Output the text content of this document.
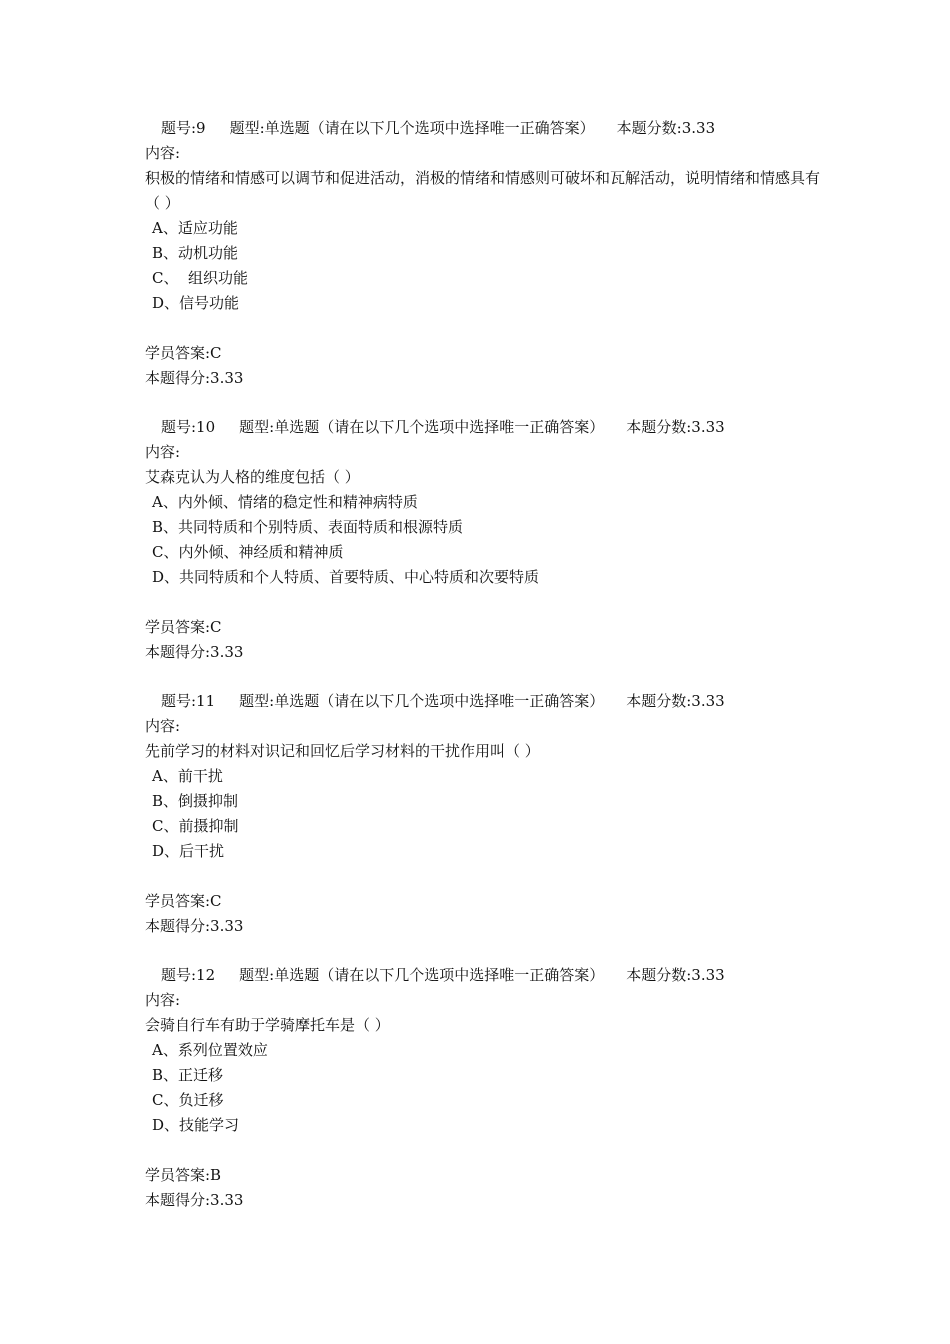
题号:9 题型:单选题（请在以下几个选项中选择唯一正确答案） 本题分数:3.33
内容:
积极的情绪和情感可以调节和促进活动，消极的情绪和情感则可破坏和瓦解活动，说明情绪和情感具有（ ）
A、适应功能
B、动机功能
C、  组织功能
D、信号功能
学员答案:C
本题得分:3.33
题号:10 题型:单选题（请在以下几个选项中选择唯一正确答案） 本题分数:3.33
内容:
艾森克认为人格的维度包括（ ）
A、内外倾、情绪的稳定性和精神病特质
B、共同特质和个别特质、表面特质和根源特质
C、内外倾、神经质和精神质
D、共同特质和个人特质、首要特质、中心特质和次要特质
学员答案:C
本题得分:3.33
题号:11 题型:单选题（请在以下几个选项中选择唯一正确答案） 本题分数:3.33
内容:
先前学习的材料对识记和回忆后学习材料的干扰作用叫（ ）
A、前干扰
B、倒摄抑制
C、前摄抑制
D、后干扰
学员答案:C
本题得分:3.33
题号:12 题型:单选题（请在以下几个选项中选择唯一正确答案） 本题分数:3.33
内容:
会骑自行车有助于学骑摩托车是（ ）
A、系列位置效应
B、正迁移
C、负迁移
D、技能学习
学员答案:B
本题得分:3.33
